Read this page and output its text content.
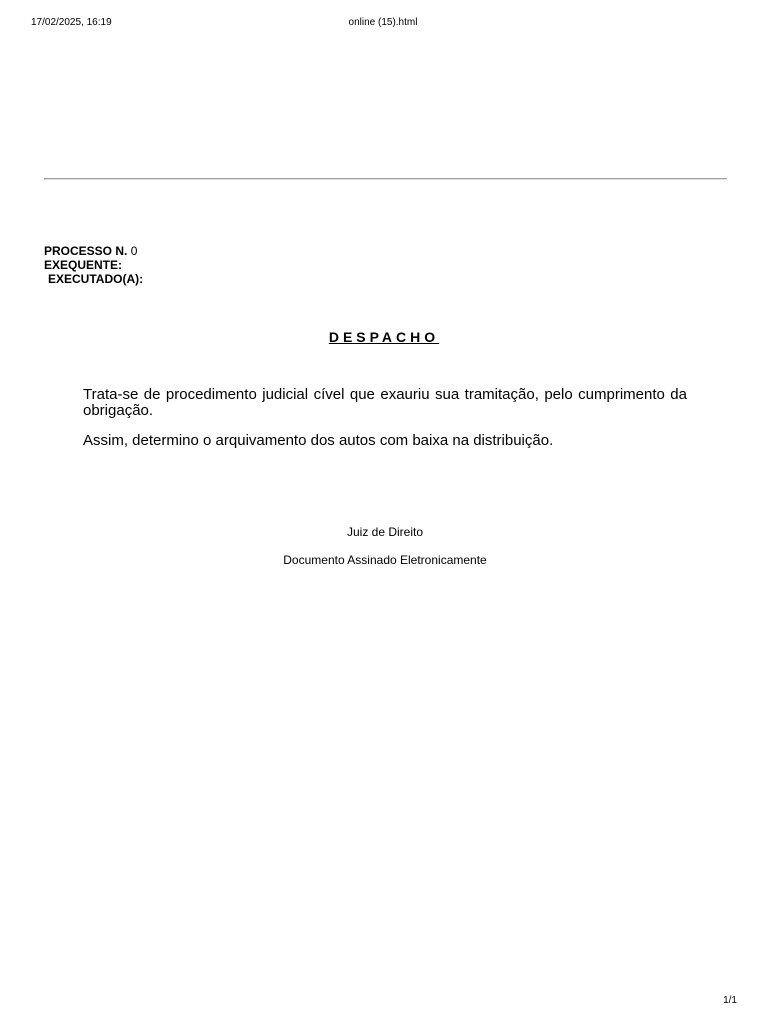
17/02/2025, 16:19	online (15).html
PROCESSO N. 0
EXEQUENTE:
EXECUTADO(A):
DESPACHO

Trata-se de procedimento judicial cível que exauriu sua tramitação, pelo cumprimento da obrigação.

Assim, determino o arquivamento dos autos com baixa na distribuição.

Juiz de Direito
Documento Assinado Eletronicamente
1/1
